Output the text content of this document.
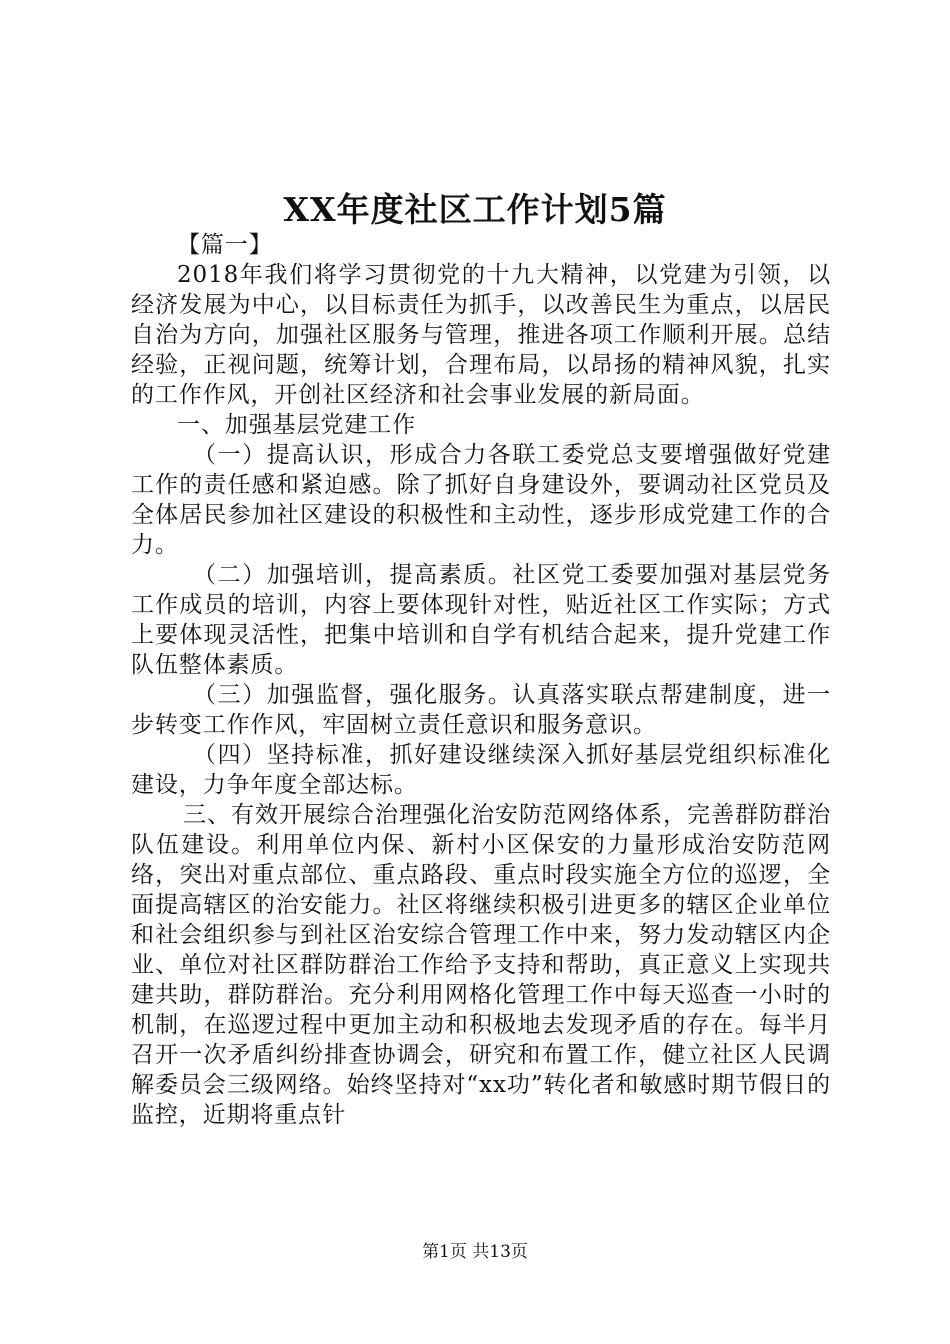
XX年度社区工作计划5篇

【篇一】

2018年我们将学习贯彻党的十九大精神，以党建为引领，以经济发展为中心，以目标责任为抓手，以改善民生为重点，以居民自治为方向，加强社区服务与管理，推进各项工作顺利开展。总结经验，正视问题，统筹计划，合理布局，以昂扬的精神风貌，扎实的工作作风，开创社区经济和社会事业发展的新局面。

一、加强基层党建工作

（一）提高认识，形成合力各联工委党总支要增强做好党建工作的责任感和紧迫感。除了抓好自身建设外，要调动社区党员及全体居民参加社区建设的积极性和主动性，逐步形成党建工作的合力。

（二）加强培训，提高素质。社区党工委要加强对基层党务工作成员的培训，内容上要体现针对性，贴近社区工作实际；方式上要体现灵活性，把集中培训和自学有机结合起来，提升党建工作队伍整体素质。

（三）加强监督，强化服务。认真落实联点帮建制度，进一步转变工作作风，牢固树立责任意识和服务意识。

（四）坚持标准，抓好建设继续深入抓好基层党组织标准化建设，力争年度全部达标。

三、有效开展综合治理强化治安防范网络体系，完善群防群治队伍建设。利用单位内保、新村小区保安的力量形成治安防范网络，突出对重点部位、重点路段、重点时段实施全方位的巡逻，全面提高辖区的治安能力。社区将继续积极引进更多的辖区企业单位和社会组织参与到社区治安综合管理工作中来，努力发动辖区内企业、单位对社区群防群治工作给予支持和帮助，真正意义上实现共建共助，群防群治。充分利用网格化管理工作中每天巡查一小时的机制，在巡逻过程中更加主动和积极地去发现矛盾的存在。每半月召开一次矛盾纠纷排查协调会，研究和布置工作，健立社区人民调解委员会三级网络。始终坚持对“xx功”转化者和敏感时期节假日的监控，近期将重点针

第1页 共13页
